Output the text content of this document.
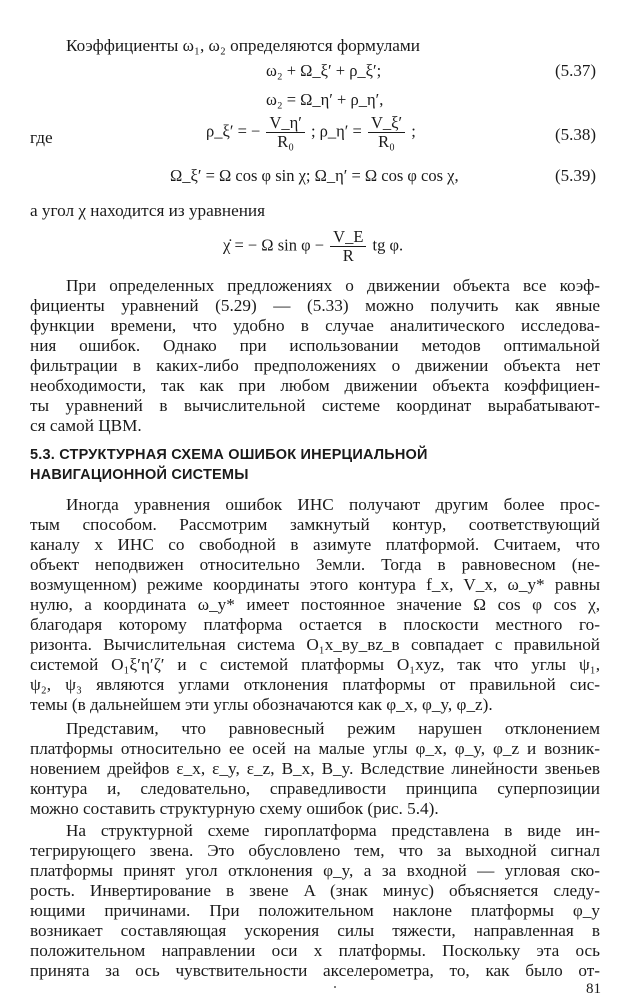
Коэффициенты ω₁, ω₂ определяются формулами
ω₂ + Ω_ξ′ + ρ_ξ′;	(5.37)
ω₂ = Ω_η′ + ρ_η′,
где	ρ_ξ′ = − $\frac{V\_\eta'}{\text{R₀}}$ ; ρ_η′ = $\frac{V\_\xi'}{\text{R₀}}$ ;	(5.38)
Ω_ξ′ = Ω cos φ sin χ; Ω_η′ = Ω cos φ cos χ,	(5.39)
а угол χ находится из уравнения
χ̇ = − Ω $\sin \varphi - \frac{V\_E}{R}$ tg φ.
При определенных предложениях о движении объекта все коэф-
фициенты уравнений (5.29) — (5.33) можно получить как явные
функции времени, что удобно в случае аналитического исследова-
ния ошибок. Однако при использовании методов оптимальной
фильтрации в каких-либо предположениях о движении объекта нет
необходимости, так как при любом движении объекта коэффициен-
ты уравнений в вычислительной системе координат вырабатывают-
ся самой ЦВМ.
5.3. СТРУКТУРНАЯ СХЕМА ОШИБОК ИНЕРЦИАЛЬНОЙ
НАВИГАЦИОННОЙ СИСТЕМЫ
Иногда уравнения ошибок ИНС получают другим более прос-
тым способом. Рассмотрим замкнутый контур, соответствующий
каналу x ИНС со свободной в азимуте платформой. Считаем, что
объект неподвижен относительно Земли. Тогда в равновесном (не-
возмущенном) режиме координаты этого контура f_x, V_x, ω_y* равны
нулю, а координата ω_y* имеет постоянное значение Ω cos φ cos χ,
благодаря которому платформа остается в плоскости местного го-
ризонта. Вычислительная система O₁x_вy_вz_в совпадает с правильной
системой O₁ξ′η′ζ′ и с системой платформы O₁xyz, так что углы ψ₁,
ψ₂, ψ₃ являются углами отклонения платформы от правильной сис-
темы (в дальнейшем эти углы обозначаются как φ_x, φ_y, φ_z).
Представим, что равновесный режим нарушен отклонением
платформы относительно ее осей на малые углы φ_x, φ_y, φ_z и возник-
новением дрейфов ε_x, ε_y, ε_z, B_x, B_y. Вследствие линейности звеньев
контура и, следовательно, справедливости принципа суперпозиции
можно составить структурную схему ошибок (рис. 5.4).
На структурной схеме гироплатформа представлена в виде ин-
тегрирующего звена. Это обусловлено тем, что за выходной сигнал
платформы принят угол отклонения φ_y, а за входной — угловая ско-
рость. Инвертирование в звене A (знак минус) объясняется следу-
ющими причинами. При положительном наклоне платформы φ_y
возникает составляющая ускорения силы тяжести, направленная в
положительном направлении оси x платформы. Поскольку эта ось
принята за ось чувствительности акселерометра, то, как было от-
81
